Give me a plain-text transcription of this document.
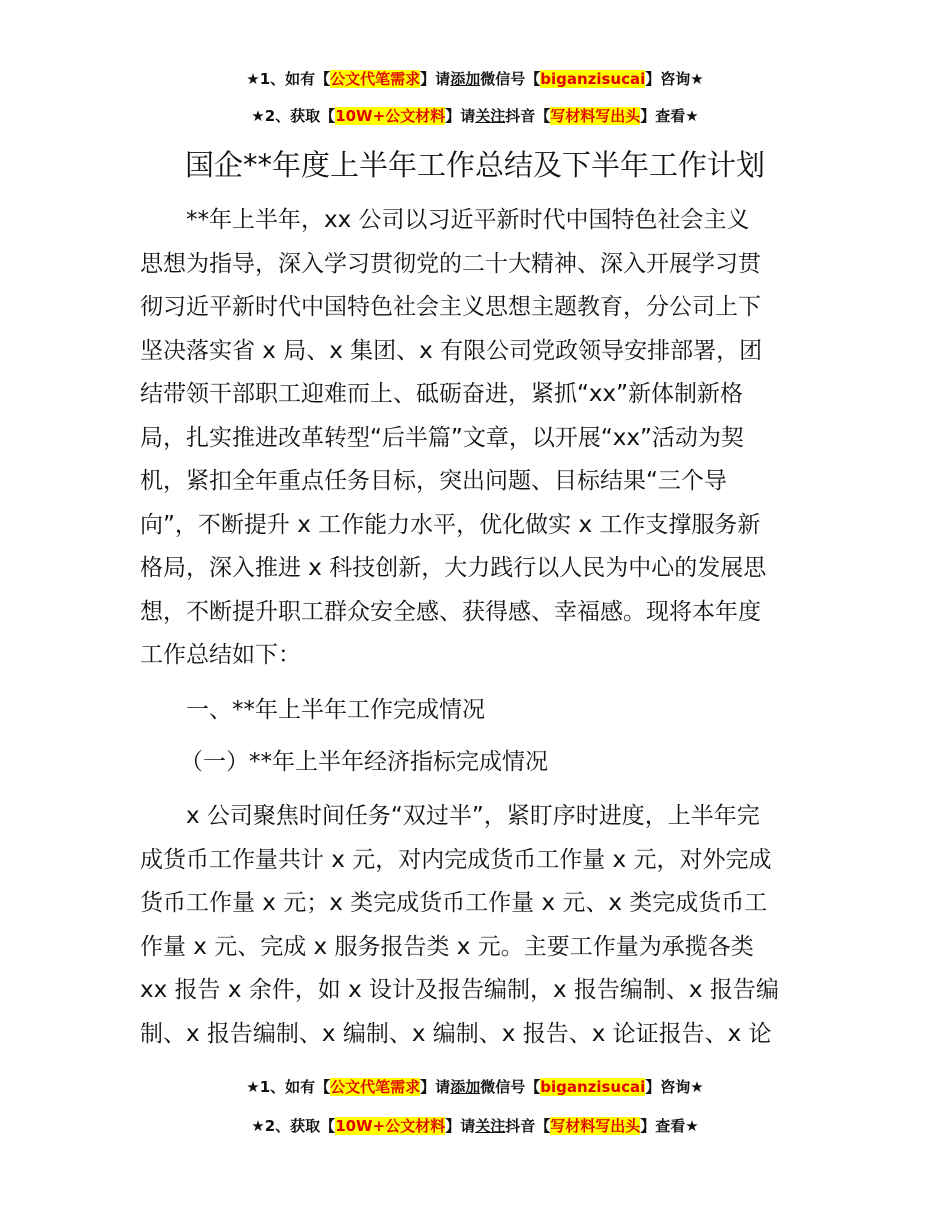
★1、如有【公文代笔需求】请添加微信号【biganzisucai】咨询★
★2、获取【10W+公文材料】请关注抖音【写材料写出头】查看★
国企**年度上半年工作总结及下半年工作计划
**年上半年，xx 公司以习近平新时代中国特色社会主义
思想为指导，深入学习贯彻党的二十大精神、深入开展学习贯
彻习近平新时代中国特色社会主义思想主题教育，分公司上下
坚决落实省 x 局、x 集团、x 有限公司党政领导安排部署，团
结带领干部职工迎难而上、砥砺奋进，紧抓“xx”新体制新格
局，扎实推进改革转型“后半篇”文章，以开展“xx”活动为契
机，紧扣全年重点任务目标，突出问题、目标结果“三个导
向”，不断提升 x 工作能力水平，优化做实 x 工作支撑服务新
格局，深入推进 x 科技创新，大力践行以人民为中心的发展思
想，不断提升职工群众安全感、获得感、幸福感。现将本年度
工作总结如下：
一、**年上半年工作完成情况
（一）**年上半年经济指标完成情况
x 公司聚焦时间任务“双过半”，紧盯序时进度，上半年完
成货币工作量共计 x 元，对内完成货币工作量 x 元，对外完成
货币工作量 x 元；x 类完成货币工作量 x 元、x 类完成货币工
作量 x 元、完成 x 服务报告类 x 元。主要工作量为承揽各类
xx 报告 x 余件，如 x 设计及报告编制，x 报告编制、x 报告编
制、x 报告编制、x 编制、x 编制、x 报告、x 论证报告、x 论
★1、如有【公文代笔需求】请添加微信号【biganzisucai】咨询★
★2、获取【10W+公文材料】请关注抖音【写材料写出头】查看★
